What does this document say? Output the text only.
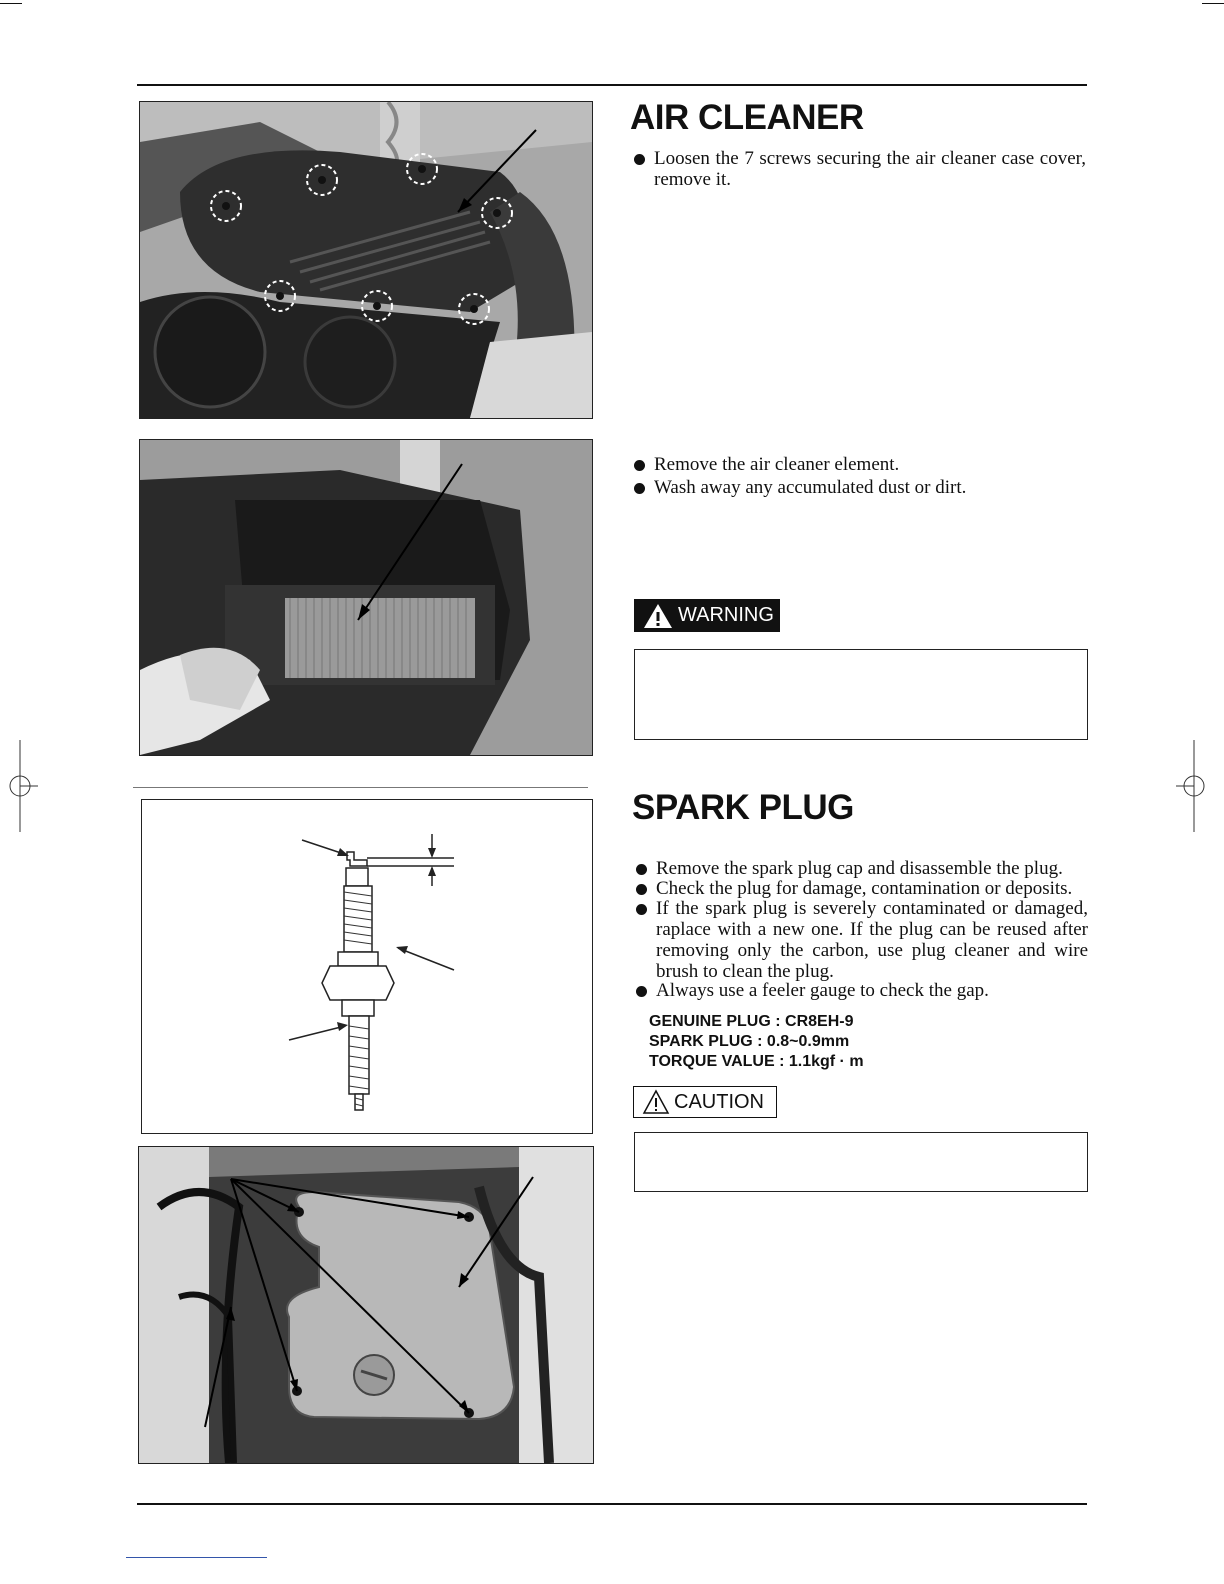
AIR CLEANER
Loosen the 7 screws securing the air cleaner case cover, remove it.
Remove the air cleaner element.
Wash away any accumulated dust or dirt.
WARNING
SPARK PLUG
Remove the spark plug cap and disassemble the plug.
Check the plug for damage, contamination or deposits.
If the spark plug is severely contaminated or damaged, raplace with a new one. If the plug can be reused after removing only the carbon, use plug cleaner and wire brush to clean the plug.
Always use a feeler gauge to check the gap.
GENUINE PLUG : CR8EH-9
SPARK PLUG : 0.8~0.9mm
TORQUE VALUE : 1.1kgf · m
CAUTION
